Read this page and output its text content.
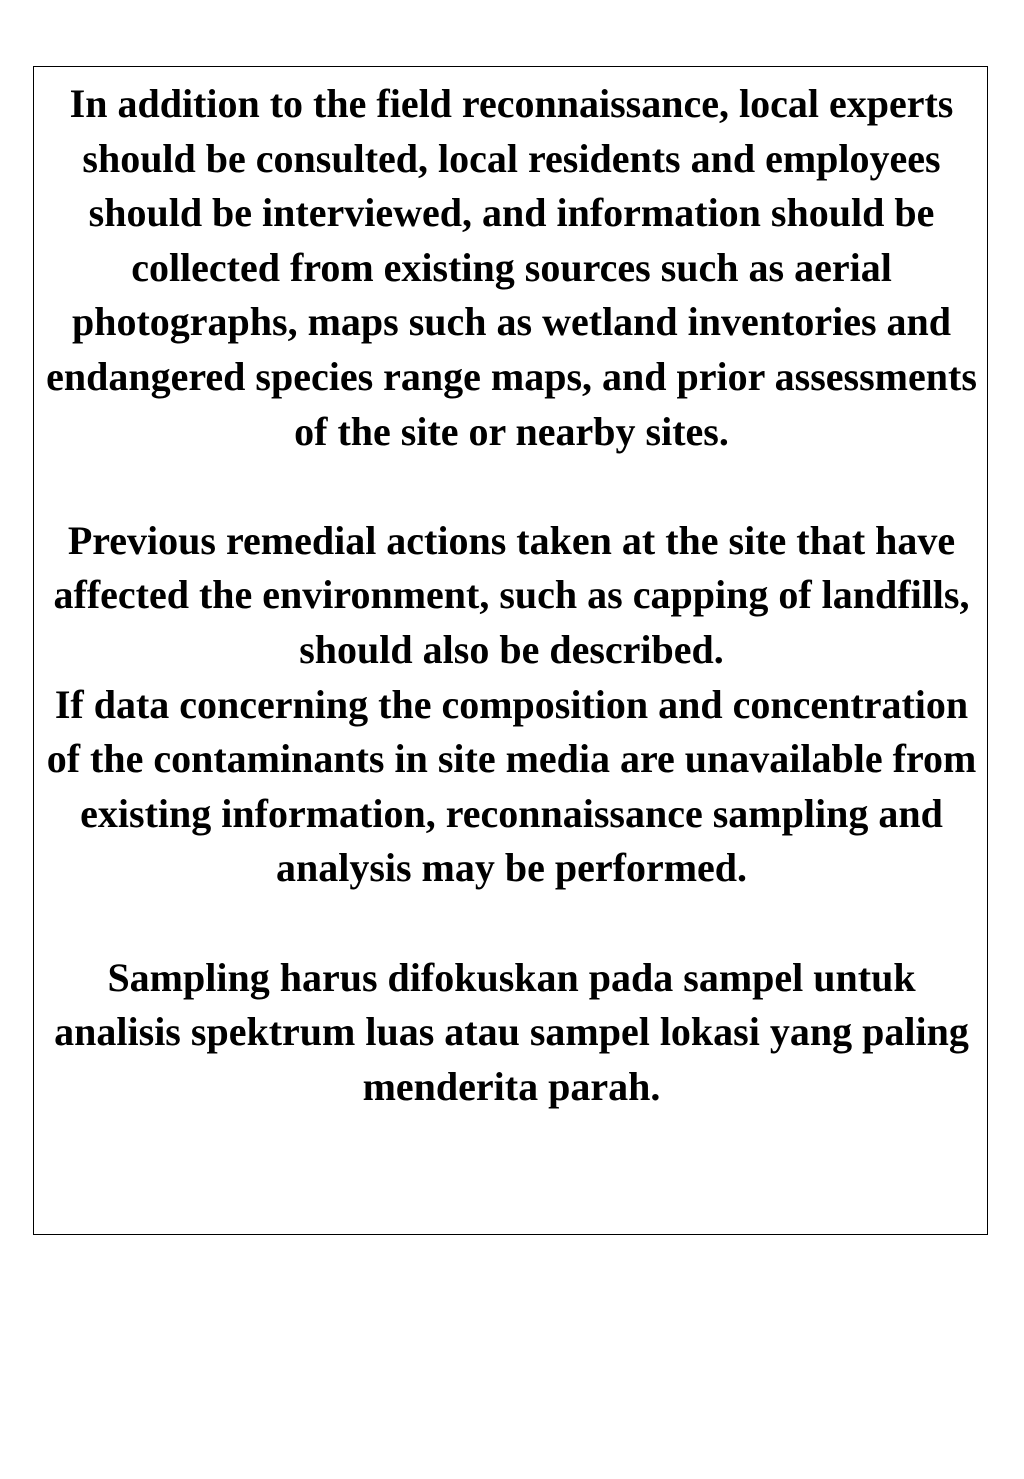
In addition to the field reconnaissance, local experts should be consulted, local residents and employees should be interviewed, and information should be collected from existing sources such as aerial photographs, maps such as wetland inventories and endangered species range maps, and prior assessments of the site or nearby sites.

Previous remedial actions taken at the site that have affected the environment, such as capping of landfills, should also be described.

If data concerning the composition and concentration of the contaminants in site media are unavailable from existing information, reconnaissance sampling and analysis may be performed.

Sampling harus difokuskan pada sampel untuk analisis spektrum luas atau sampel lokasi yang paling menderita parah.
